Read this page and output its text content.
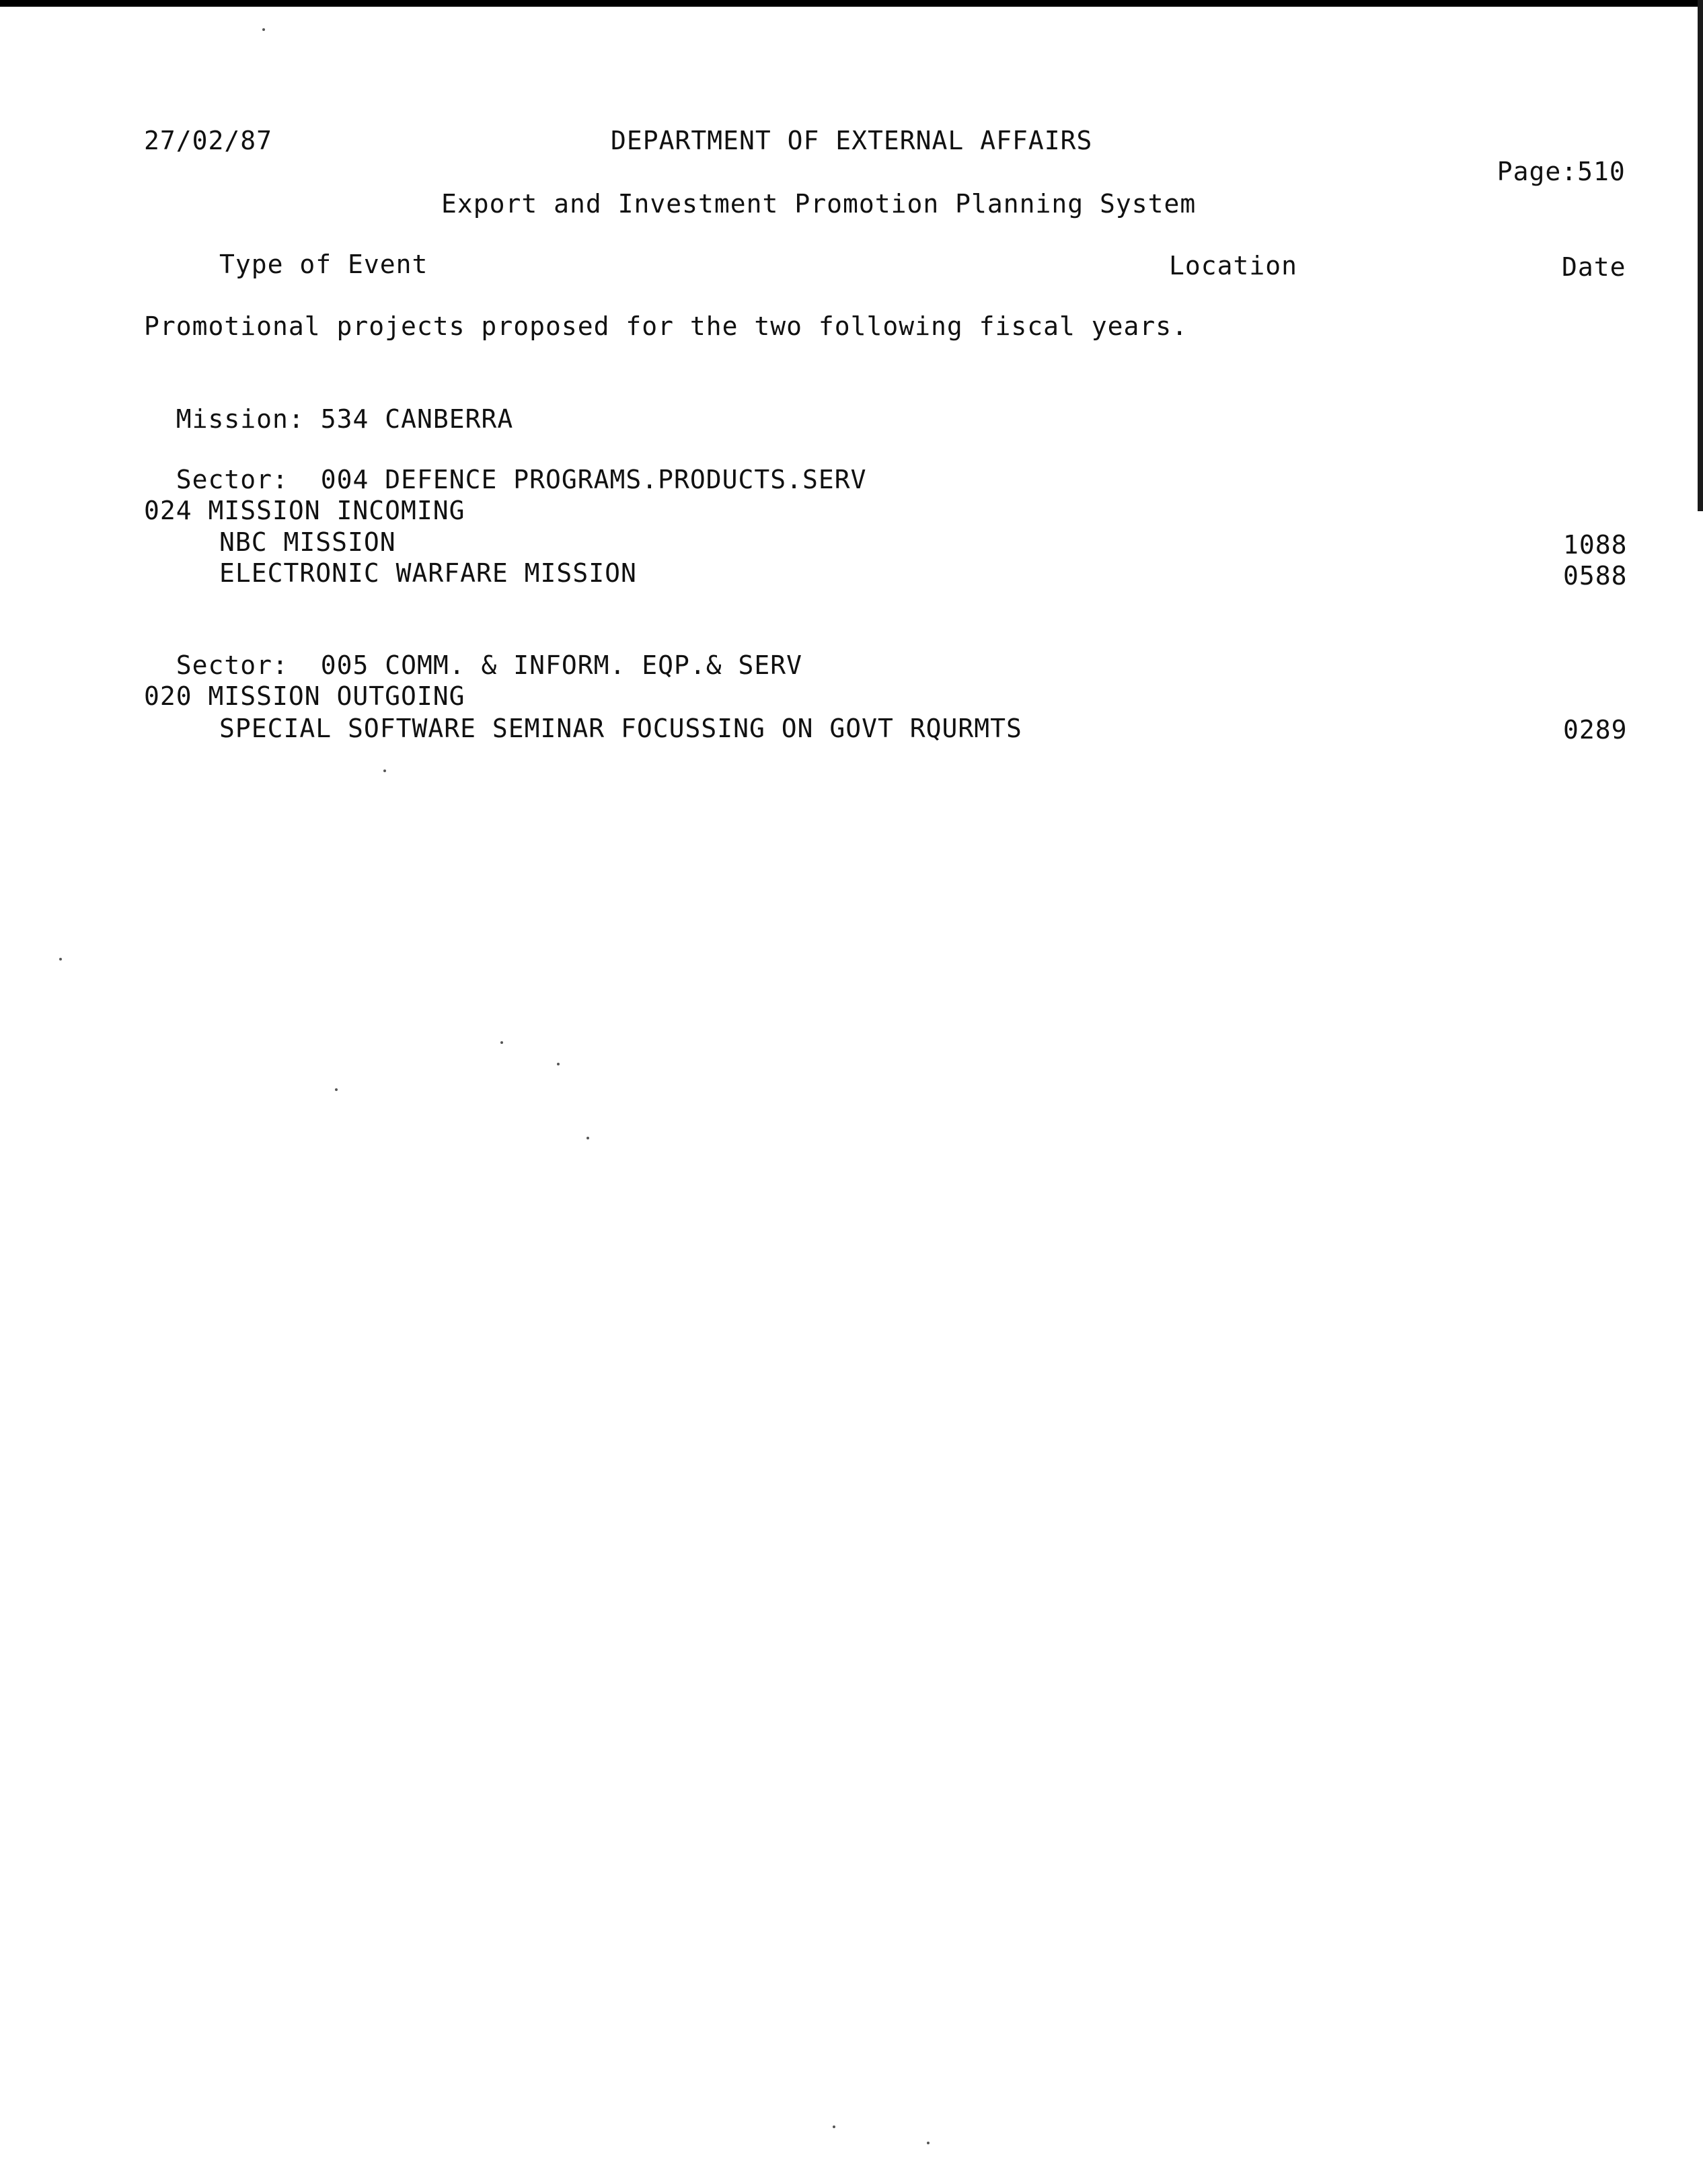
27/02/87	DEPARTMENT OF EXTERNAL AFFAIRS

Page:510

Export and Investment Promotion Planning System
Type of Event	Location	Date
Promotional projects proposed for the two following fiscal years.

Mission: 534 CANBERRA

Sector: 004 DEFENCE PROGRAMS.PRODUCTS.SERV

024 MISSION INCOMING
NBC MISSION	1088
ELECTRONIC WARFARE MISSION	0588

Sector: 005 COMM. & INFORM. EQP.& SERV

020 MISSION OUTGOING
SPECIAL SOFTWARE SEMINAR FOCUSSING ON GOVT RQURMTS	0289
